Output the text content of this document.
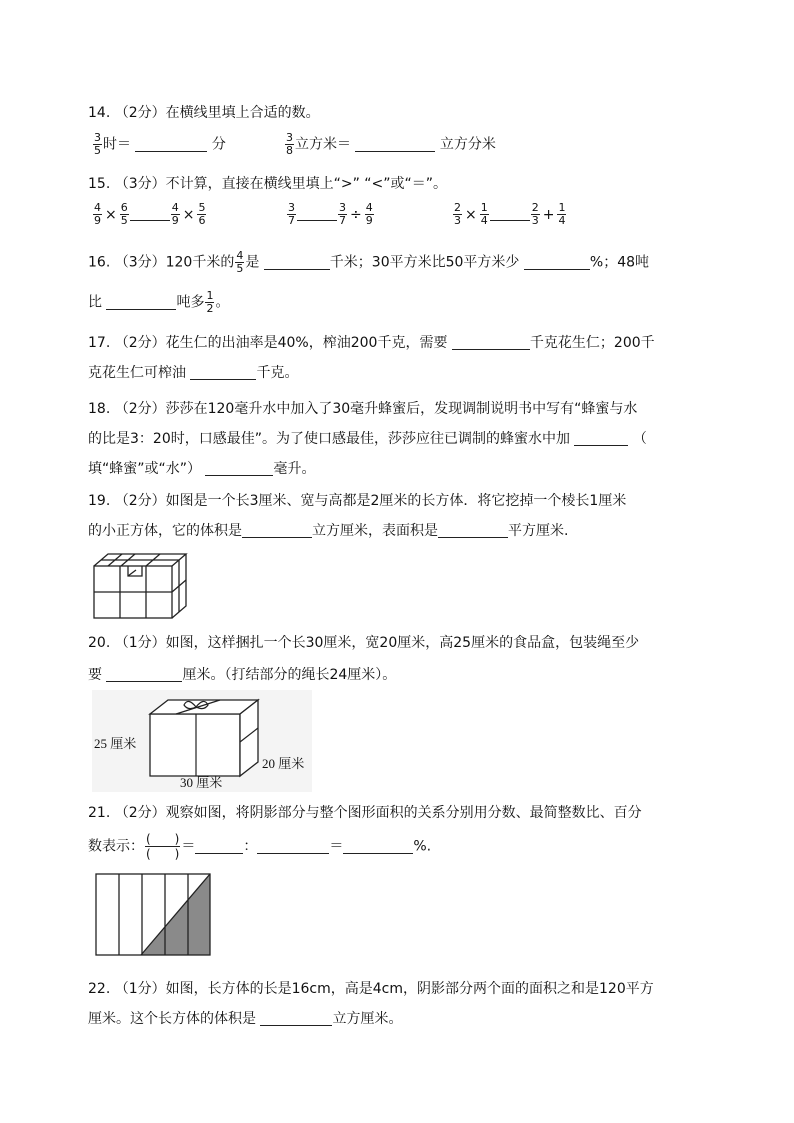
14. （2分）在横线里填上合适的数。
$\frac{3}{5}$ 时＝	分	$\frac{3}{8}$ 立方米＝	立方分米
15. （3分）不计算，直接在横线里填上“>” “<”或“＝”。
$\frac{4}{9} \times \frac{6}{5}$	$\frac{4}{9} \times \frac{5}{6}$	$\frac{3}{7}$	$\frac{3}{7} \div \frac{4}{9}$	$\frac{2}{3} \times \frac{1}{4}$	$\frac{2}{3} + \frac{1}{4}$
16. （3分）120千米的 $\frac{4}{5}$ 是	千米；30平方米比50平方米少	%；48吨
比	吨多 $\frac{1}{2}$ 。
17. （2分）花生仁的出油率是40%，榨油200千克，需要	千克花生仁；200千
克花生仁可榨油	千克。
18. （2分）莎莎在120毫升水中加入了30毫升蜂蜜后，发现调制说明书中写有“蜂蜜与水
的比是3：20时，口感最佳”。为了使口感最佳，莎莎应往已调制的蜂蜜水中加	（
填“蜂蜜”或“水”）	毫升。
19. （2分）如图是一个长3厘米、宽与高都是2厘米的长方体．将它挖掉一个棱长1厘米
的小正方体，它的体积是	立方厘米，表面积是	平方厘米.
20. （1分）如图，这样捆扎一个长30厘米，宽20厘米，高25厘米的食品盒，包装绳至少
要	厘米。（打结部分的绳长24厘米）。
25 厘米
20 厘米
30 厘米
21. （2分）观察如图，将阴影部分与整个图形面积的关系分别用分数、最简整数比、百分
数表示： $\frac{( )}{( )}$ ＝	：	＝	%.
22. （1分）如图，长方体的长是16cm，高是4cm，阴影部分两个面的面积之和是120平方
厘米。这个长方体的体积是	立方厘米。
